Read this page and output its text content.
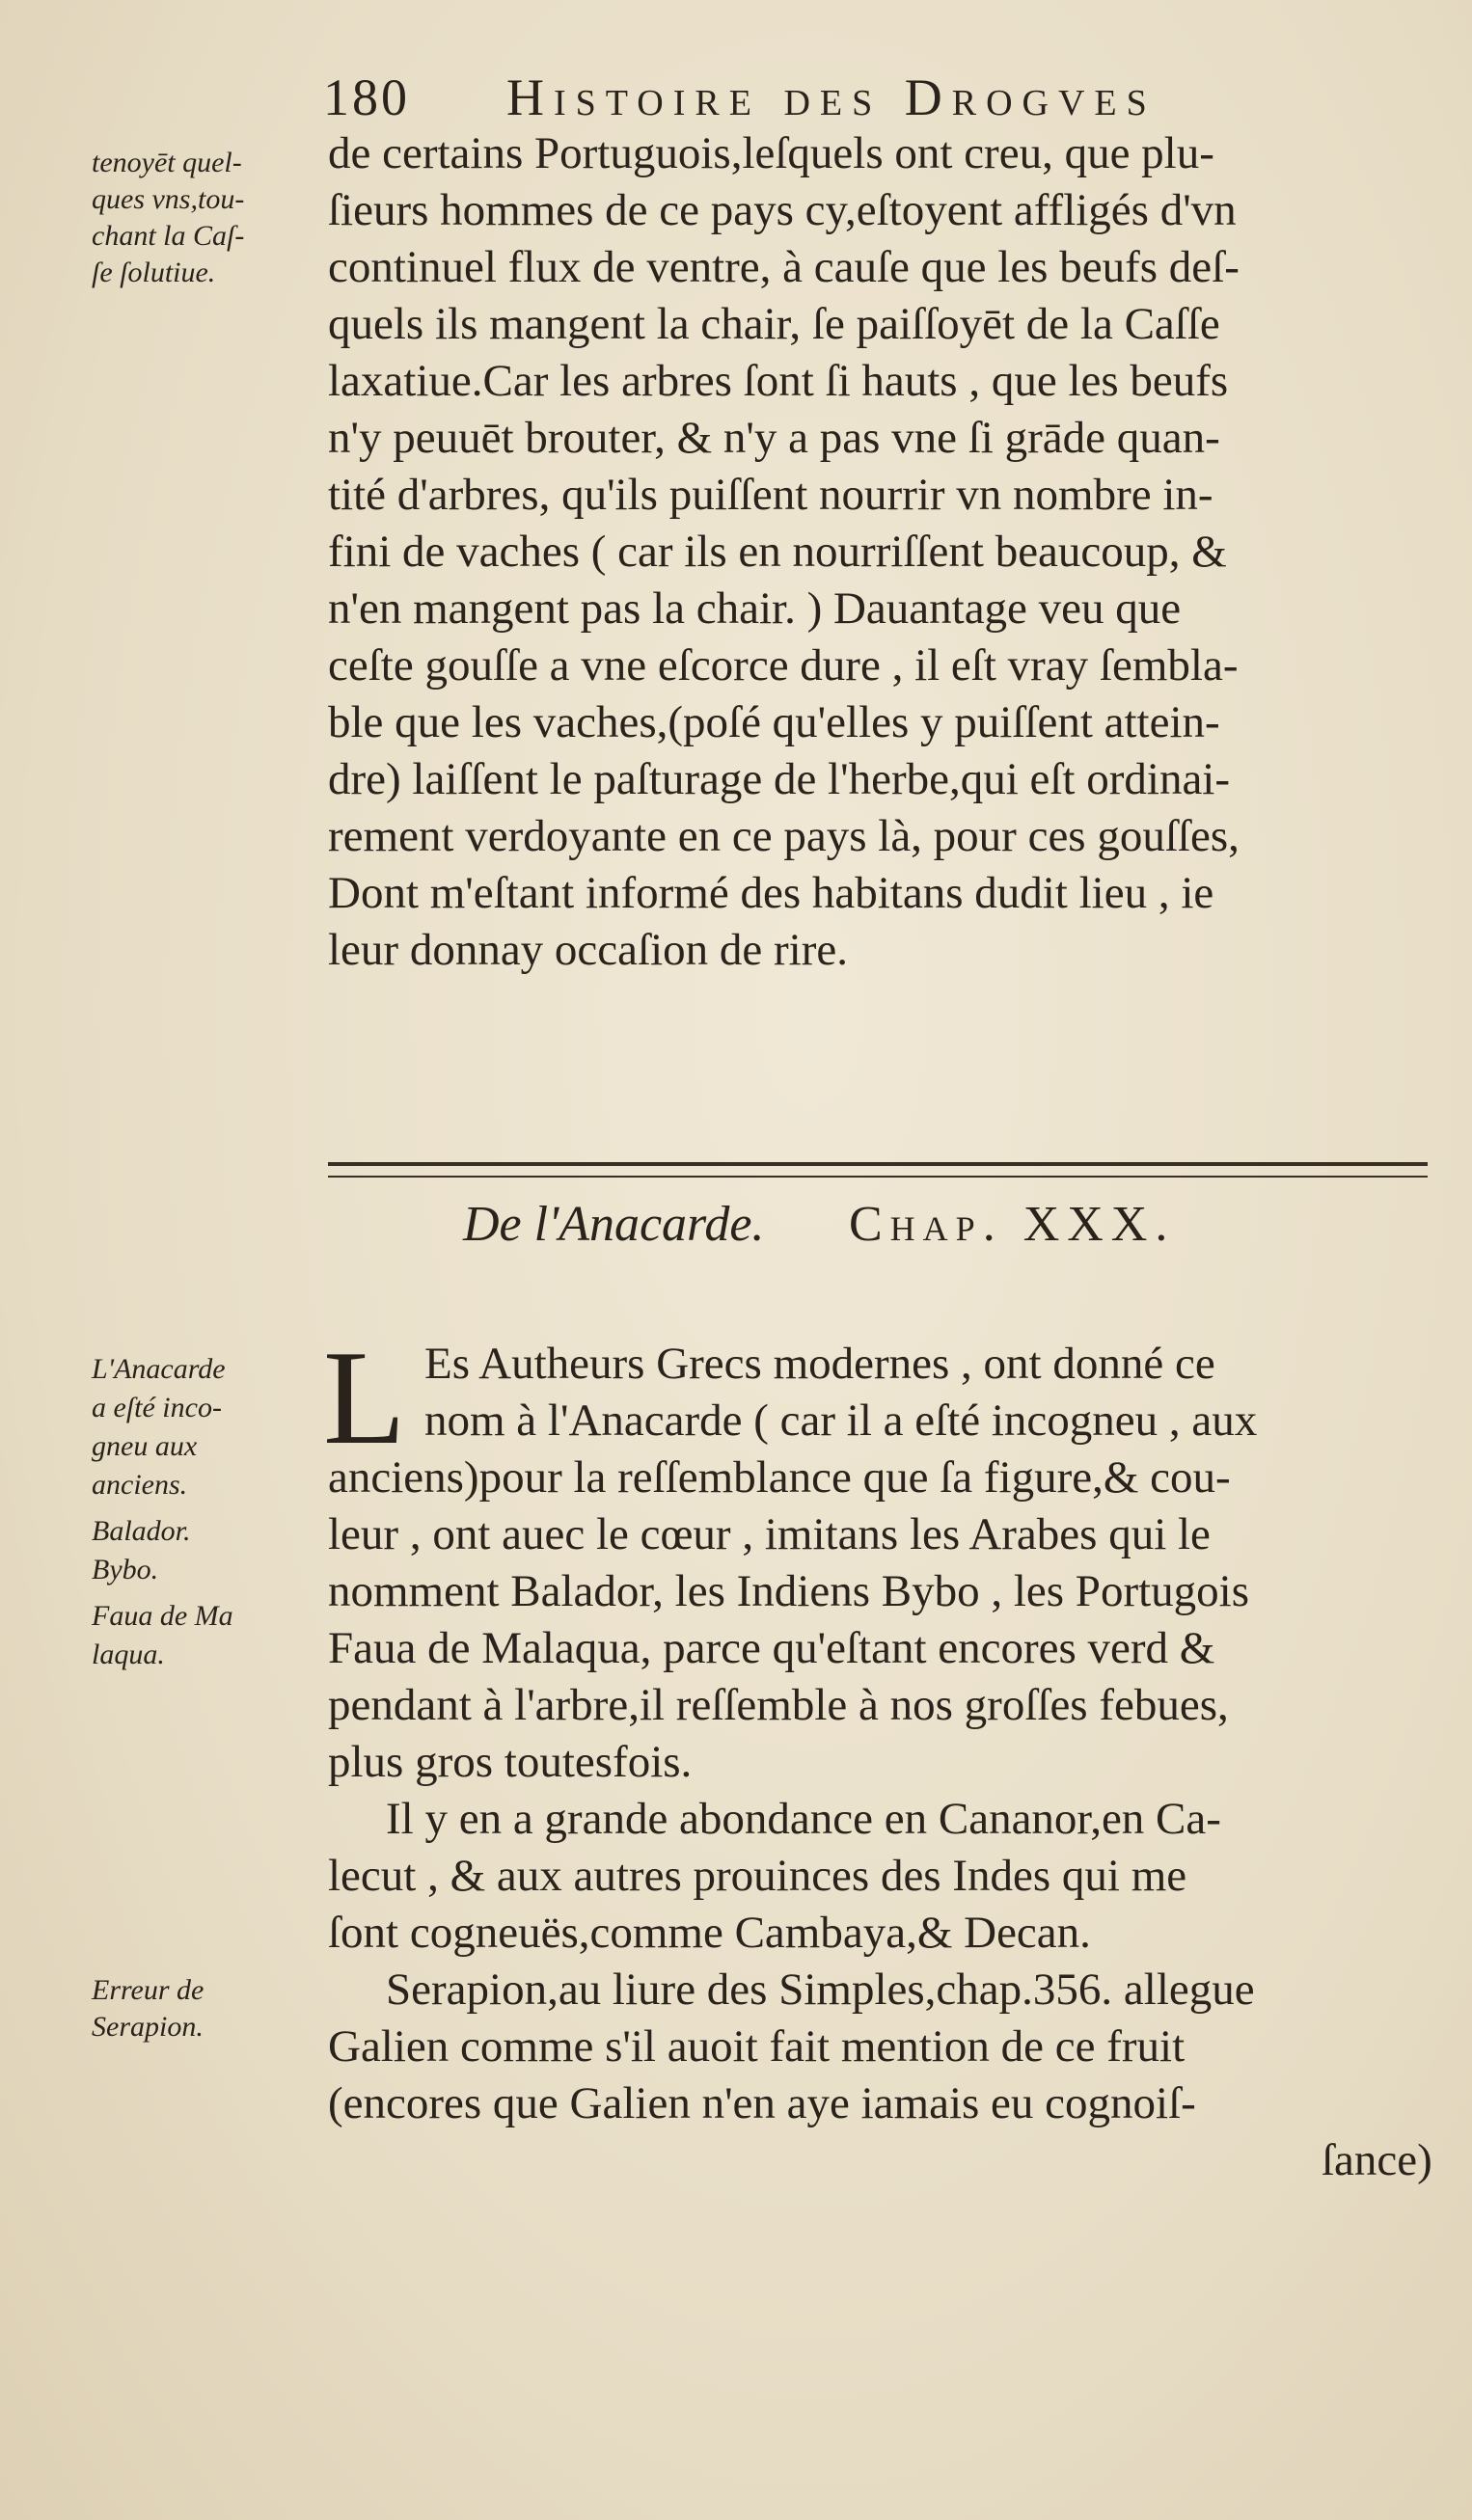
180 Histoire des Drogves
tenoyēt quel-
ques vns,tou-
chant la Caſ-
ſe ſolutiue.
de certains Portuguois,leſquels ont creu, que plu-
ſieurs hommes de ce pays cy,eſtoyent affligés d'vn
continuel flux de ventre, à cauſe que les beufs deſ-
quels ils mangent la chair, ſe paiſſoyēt de la Caſſe
laxatiue.Car les arbres ſont ſi hauts , que les beufs
n'y peuuēt brouter, & n'y a pas vne ſi grāde quan-
tité d'arbres, qu'ils puiſſent nourrir vn nombre in-
fini de vaches ( car ils en nourriſſent beaucoup, &
n'en mangent pas la chair. ) Dauantage veu que
ceſte gouſſe a vne eſcorce dure , il eſt vray ſembla-
ble que les vaches,(poſé qu'elles y puiſſent attein-
dre) laiſſent le paſturage de l'herbe,qui eſt ordinai-
rement verdoyante en ce pays là, pour ces gouſſes,
Dont m'eſtant informé des habitans dudit lieu , ie
leur donnay occaſion de rire.
De l'Anacarde. Chap. XXX.
L'Anacarde
a eſté inco-
gneu aux
anciens.
Balador.
Bybo.
Faua de Ma
laqua.
L Es Autheurs Grecs modernes , ont donné ce
nom à l'Anacarde ( car il a eſté incogneu , aux
anciens)pour la reſſemblance que ſa figure,& cou-
leur , ont auec le cœur , imitans les Arabes qui le
nomment Balador, les Indiens Bybo , les Portugois
Faua de Malaqua, parce qu'eſtant encores verd &
pendant à l'arbre,il reſſemble à nos groſſes febues,
plus gros toutesfois.
Il y en a grande abondance en Cananor,en Ca-
lecut , & aux autres prouinces des Indes qui me
ſont cogneuës,comme Cambaya,& Decan.
Erreur de
Serapion.
Serapion,au liure des Simples,chap.356. allegue
Galien comme s'il auoit fait mention de ce fruit
(encores que Galien n'en aye iamais eu cognoiſ-
ſance)
